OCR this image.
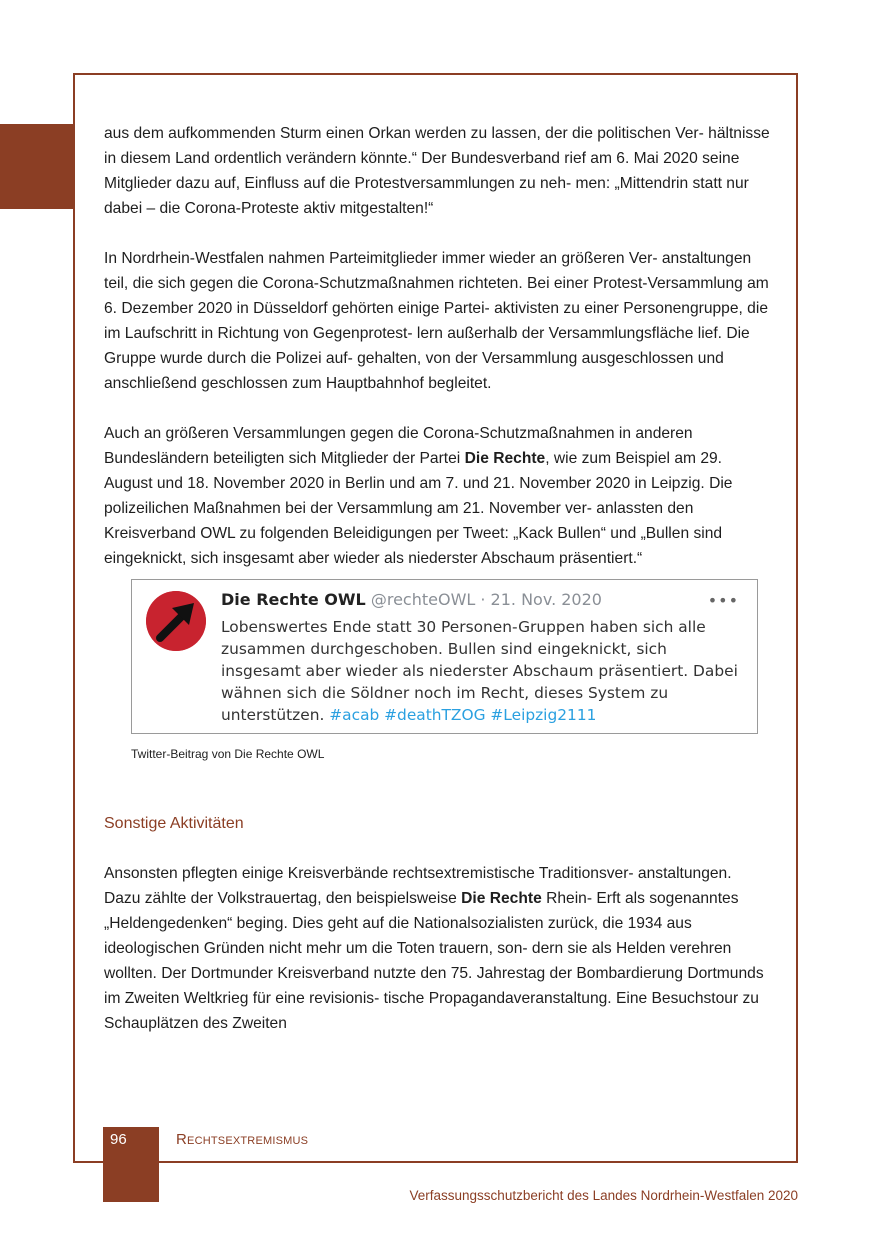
aus dem aufkommenden Sturm einen Orkan werden zu lassen, der die politischen Ver- hältnisse in diesem Land ordentlich verändern könnte.“ Der Bundesverband rief am 6. Mai 2020 seine Mitglieder dazu auf, Einfluss auf die Protestversammlungen zu neh- men: „Mittendrin statt nur dabei – die Corona-Proteste aktiv mitgestalten!“

In Nordrhein-Westfalen nahmen Parteimitglieder immer wieder an größeren Ver- anstaltungen teil, die sich gegen die Corona-Schutzmaßnahmen richteten. Bei einer Protest-Versammlung am 6. Dezember 2020 in Düsseldorf gehörten einige Partei- aktivisten zu einer Personengruppe, die im Laufschritt in Richtung von Gegenprotest- lern außerhalb der Versammlungsfläche lief. Die Gruppe wurde durch die Polizei auf- gehalten, von der Versammlung ausgeschlossen und anschließend geschlossen zum Hauptbahnhof begleitet.

Auch an größeren Versammlungen gegen die Corona-Schutzmaßnahmen in anderen Bundesländern beteiligten sich Mitglieder der Partei Die Rechte, wie zum Beispiel am 29. August und 18. November 2020 in Berlin und am 7. und 21. November 2020 in Leipzig. Die polizeilichen Maßnahmen bei der Versammlung am 21. November ver- anlassten den Kreisverband OWL zu folgenden Beleidigungen per Tweet: „Kack Bullen“ und „Bullen sind eingeknickt, sich insgesamt aber wieder als niederster Abschaum präsentiert.“

Die Rechte OWL @rechteOWL · 21. Nov. 2020	•••
Lobenswertes Ende statt 30 Personen-Gruppen haben sich alle zusammen durchgeschoben. Bullen sind eingeknickt, sich insgesamt aber wieder als niederster Abschaum präsentiert. Dabei wähnen sich die Söldner noch im Recht, dieses System zu unterstützen. #acab #deathTZOG #Leipzig2111
Twitter-Beitrag von Die Rechte OWL
Sonstige Aktivitäten

Ansonsten pflegten einige Kreisverbände rechtsextremistische Traditionsver- anstaltungen. Dazu zählte der Volkstrauertag, den beispielsweise Die Rechte Rhein- Erft als sogenanntes „Heldengedenken“ beging. Dies geht auf die Nationalsozialisten zurück, die 1934 aus ideologischen Gründen nicht mehr um die Toten trauern, son- dern sie als Helden verehren wollten. Der Dortmunder Kreisverband nutzte den 75. Jahrestag der Bombardierung Dortmunds im Zweiten Weltkrieg für eine revisionis- tische Propagandaveranstaltung. Eine Besuchstour zu Schauplätzen des Zweiten

96	Rechtsextremismus
Verfassungsschutzbericht des Landes Nordrhein-Westfalen 2020
